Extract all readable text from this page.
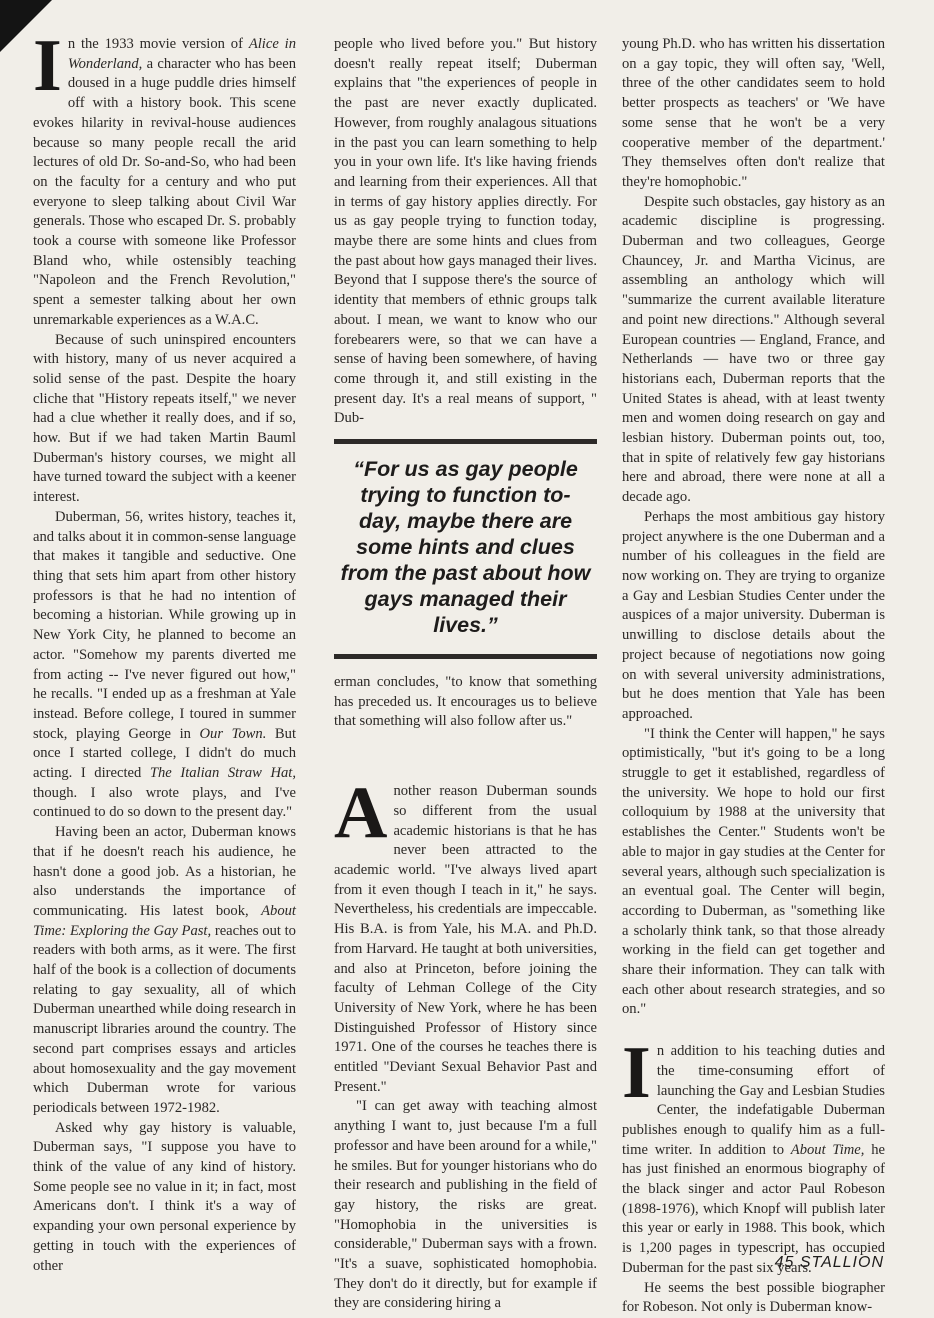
In the 1933 movie version of Alice in Wonderland, a character who has been doused in a huge puddle dries himself off with a history book. This scene evokes hilarity in revival-house audiences because so many people recall the arid lectures of old Dr. So-and-So, who had been on the faculty for a century and who put everyone to sleep talking about Civil War generals. Those who escaped Dr. S. probably took a course with someone like Professor Bland who, while ostensibly teaching "Napoleon and the French Revolution," spent a semester talking about her own unremarkable experiences as a W.A.C.

Because of such uninspired encounters with history, many of us never acquired a solid sense of the past. Despite the hoary cliche that "History repeats itself," we never had a clue whether it really does, and if so, how. But if we had taken Martin Bauml Duberman's history courses, we might all have turned toward the subject with a keener interest.

Duberman, 56, writes history, teaches it, and talks about it in common-sense language that makes it tangible and seductive. One thing that sets him apart from other history professors is that he had no intention of becoming a historian. While growing up in New York City, he planned to become an actor. "Somehow my parents diverted me from acting -- I've never figured out how," he recalls. "I ended up as a freshman at Yale instead. Before college, I toured in summer stock, playing George in Our Town. But once I started college, I didn't do much acting. I directed The Italian Straw Hat, though. I also wrote plays, and I've continued to do so down to the present day."

Having been an actor, Duberman knows that if he doesn't reach his audience, he hasn't done a good job. As a historian, he also understands the importance of communicating. His latest book, About Time: Exploring the Gay Past, reaches out to readers with both arms, as it were. The first half of the book is a collection of documents relating to gay sexuality, all of which Duberman unearthed while doing research in manuscript libraries around the country. The second part comprises essays and articles about homosexuality and the gay movement which Duberman wrote for various periodicals between 1972-1982.

Asked why gay history is valuable, Duberman says, "I suppose you have to think of the value of any kind of history. Some people see no value in it; in fact, most Americans don't. I think it's a way of expanding your own personal experience by getting in touch with the experiences of other

people who lived before you." But history doesn't really repeat itself; Duberman explains that "the experiences of people in the past are never exactly duplicated. However, from roughly analagous situations in the past you can learn something to help you in your own life. It's like having friends and learning from their experiences. All that in terms of gay history applies directly. For us as gay people trying to function today, maybe there are some hints and clues from the past about how gays managed their lives. Beyond that I suppose there's the source of identity that members of ethnic groups talk about. I mean, we want to know who our forebearers were, so that we can have a sense of having been somewhere, of having come through it, and still existing in the present day. It's a real means of support, " Dub-

“For us as gay people trying to function to-day, maybe there are some hints and clues from the past about how gays managed their lives.”

erman concludes, "to know that something has preceded us. It encourages us to believe that something will also follow after us."

Another reason Duberman sounds so different from the usual academic historians is that he has never been attracted to the academic world. "I've always lived apart from it even though I teach in it," he says. Nevertheless, his credentials are impeccable. His B.A. is from Yale, his M.A. and Ph.D. from Harvard. He taught at both universities, and also at Princeton, before joining the faculty of Lehman College of the City University of New York, where he has been Distinguished Professor of History since 1971. One of the courses he teaches there is entitled "Deviant Sexual Behavior Past and Present."

"I can get away with teaching almost anything I want to, just because I'm a full professor and have been around for a while," he smiles. But for younger historians who do their research and publishing in the field of gay history, the risks are great. "Homophobia in the universities is considerable," Duberman says with a frown. "It's a suave, sophisticated homophobia. They don't do it directly, but for example if they are considering hiring a

young Ph.D. who has written his dissertation on a gay topic, they will often say, 'Well, three of the other candidates seem to hold better prospects as teachers' or 'We have some sense that he won't be a very cooperative member of the department.' They themselves often don't realize that they're homophobic."

Despite such obstacles, gay history as an academic discipline is progressing. Duberman and two colleagues, George Chauncey, Jr. and Martha Vicinus, are assembling an anthology which will "summarize the current available literature and point new directions." Although several European countries — England, France, and Netherlands — have two or three gay historians each, Duberman reports that the United States is ahead, with at least twenty men and women doing research on gay and lesbian history. Duberman points out, too, that in spite of relatively few gay historians here and abroad, there were none at all a decade ago.

Perhaps the most ambitious gay history project anywhere is the one Duberman and a number of his colleagues in the field are now working on. They are trying to organize a Gay and Lesbian Studies Center under the auspices of a major university. Duberman is unwilling to disclose details about the project because of negotiations now going on with several university administrations, but he does mention that Yale has been approached.

"I think the Center will happen," he says optimistically, "but it's going to be a long struggle to get it established, regardless of the university. We hope to hold our first colloquium by 1988 at the university that establishes the Center." Students won't be able to major in gay studies at the Center for several years, although such specialization is an eventual goal. The Center will begin, according to Duberman, as "something like a scholarly think tank, so that those already working in the field can get together and share their information. They can talk with each other about research strategies, and so on."

In addition to his teaching duties and the time-consuming effort of launching the Gay and Lesbian Studies Center, the indefatigable Duberman publishes enough to qualify him as a full-time writer. In addition to About Time, he has just finished an enormous biography of the black singer and actor Paul Robeson (1898-1976), which Knopf will publish later this year or early in 1988. This book, which is 1,200 pages in typescript, has occupied Duberman for the past six years.

He seems the best possible biographer for Robeson. Not only is Duberman know-

45 STALLION
